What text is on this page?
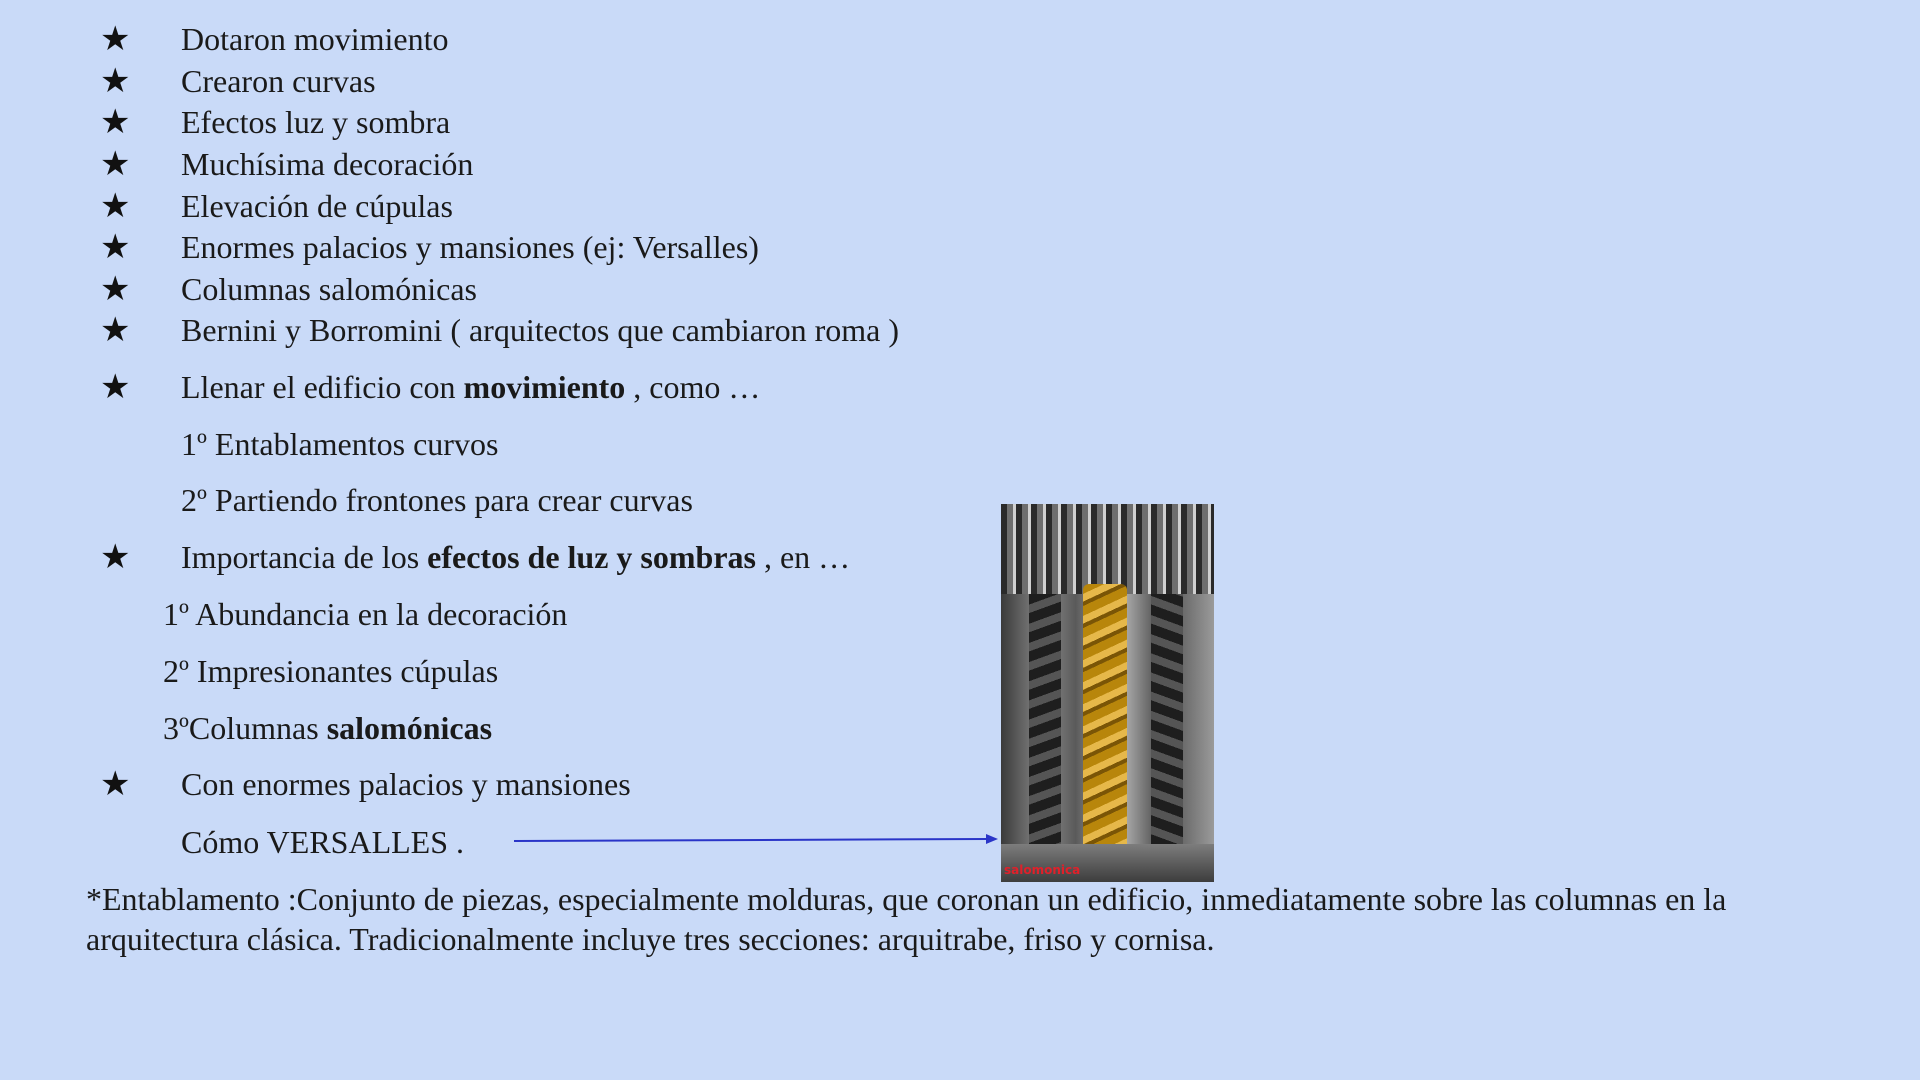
★ Dotaron movimiento
★ Crearon curvas
★ Efectos luz y sombra
★ Muchísima decoración
★ Elevación de cúpulas
★ Enormes palacios y mansiones (ej: Versalles)
★ Columnas salomónicas
★ Bernini y Borromini ( arquitectos que cambiaron roma )
★ Llenar el edificio con movimiento , como …
1º Entablamentos curvos
2º Partiendo frontones para crear curvas
★ Importancia de los efectos de luz y sombras , en …
1º Abundancia en la decoración
2º Impresionantes cúpulas
3ºColumnas salomónicas
★ Con enormes palacios y mansiones
Cómo VERSALLES .
salomonica
*Entablamento :Conjunto de piezas, especialmente molduras, que coronan un edificio, inmediatamente sobre las columnas en la arquitectura clásica. Tradicionalmente incluye tres secciones: arquitrabe, friso y cornisa.
